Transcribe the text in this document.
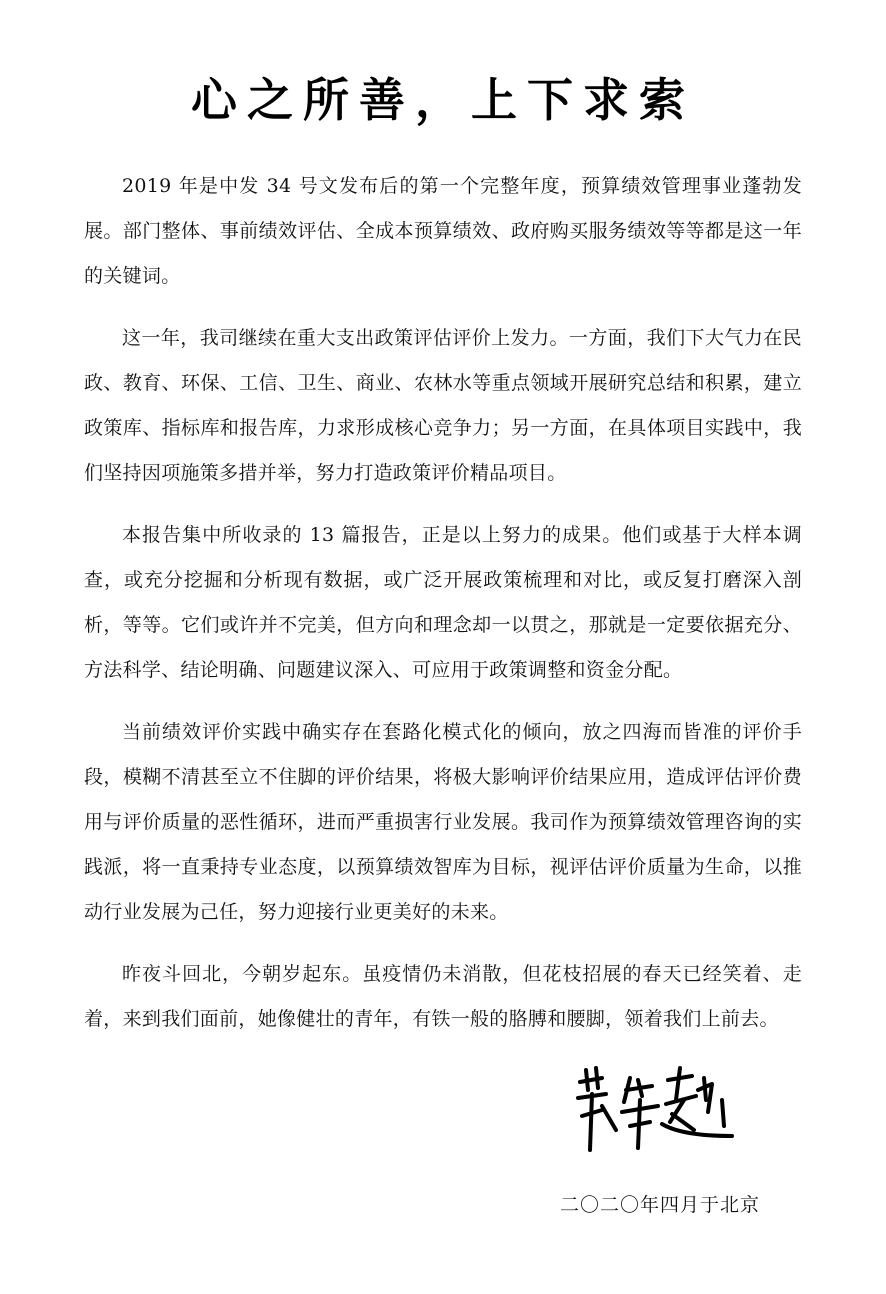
心之所善，上下求索

2019 年是中发 34 号文发布后的第一个完整年度，预算绩效管理事业蓬勃发展。部门整体、事前绩效评估、全成本预算绩效、政府购买服务绩效等等都是这一年的关键词。

这一年，我司继续在重大支出政策评估评价上发力。一方面，我们下大气力在民政、教育、环保、工信、卫生、商业、农林水等重点领域开展研究总结和积累，建立政策库、指标库和报告库，力求形成核心竞争力；另一方面，在具体项目实践中，我们坚持因项施策多措并举，努力打造政策评价精品项目。

本报告集中所收录的 13 篇报告，正是以上努力的成果。他们或基于大样本调查，或充分挖掘和分析现有数据，或广泛开展政策梳理和对比，或反复打磨深入剖析，等等。它们或许并不完美，但方向和理念却一以贯之，那就是一定要依据充分、方法科学、结论明确、问题建议深入、可应用于政策调整和资金分配。

当前绩效评价实践中确实存在套路化模式化的倾向，放之四海而皆准的评价手段，模糊不清甚至立不住脚的评价结果，将极大影响评价结果应用，造成评估评价费用与评价质量的恶性循环，进而严重损害行业发展。我司作为预算绩效管理咨询的实践派，将一直秉持专业态度，以预算绩效智库为目标，视评估评价质量为生命，以推动行业发展为己任，努力迎接行业更美好的未来。

昨夜斗回北，今朝岁起东。虽疫情仍未消散，但花枝招展的春天已经笑着、走着，来到我们面前，她像健壮的青年，有铁一般的胳膊和腰脚，领着我们上前去。

二〇二〇年四月于北京
